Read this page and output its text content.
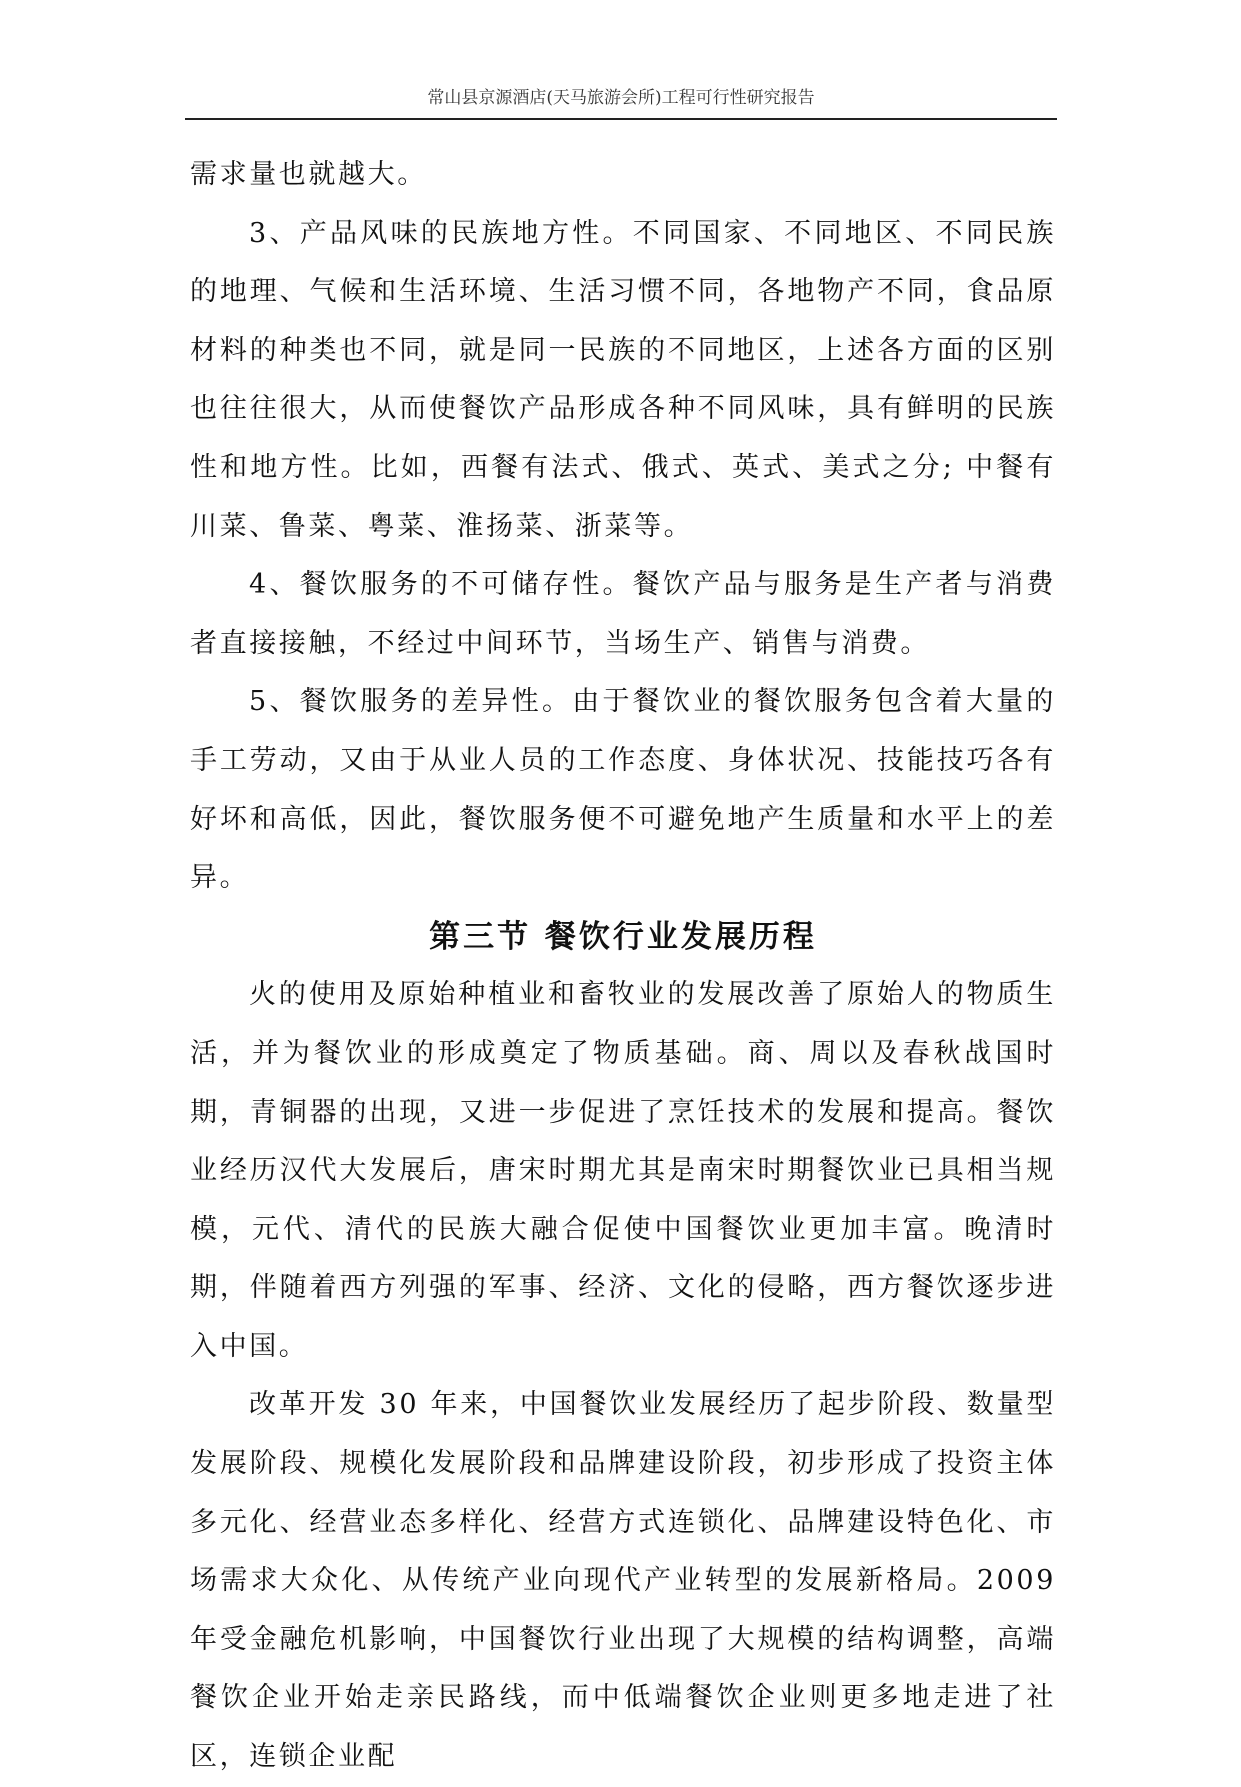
常山县京源酒店(天马旅游会所)工程可行性研究报告

需求量也就越大。

3、产品风味的民族地方性。不同国家、不同地区、不同民族的地理、气候和生活环境、生活习惯不同，各地物产不同，食品原材料的种类也不同，就是同一民族的不同地区，上述各方面的区别也往往很大，从而使餐饮产品形成各种不同风味，具有鲜明的民族性和地方性。比如，西餐有法式、俄式、英式、美式之分; 中餐有川菜、鲁菜、粤菜、淮扬菜、浙菜等。

4、餐饮服务的不可储存性。餐饮产品与服务是生产者与消费者直接接触，不经过中间环节，当场生产、销售与消费。

5、餐饮服务的差异性。由于餐饮业的餐饮服务包含着大量的手工劳动，又由于从业人员的工作态度、身体状况、技能技巧各有好坏和高低，因此，餐饮服务便不可避免地产生质量和水平上的差异。

第三节 餐饮行业发展历程

火的使用及原始种植业和畜牧业的发展改善了原始人的物质生活，并为餐饮业的形成奠定了物质基础。商、周以及春秋战国时期，青铜器的出现，又进一步促进了烹饪技术的发展和提高。餐饮业经历汉代大发展后，唐宋时期尤其是南宋时期餐饮业已具相当规模，元代、清代的民族大融合促使中国餐饮业更加丰富。晚清时期，伴随着西方列强的军事、经济、文化的侵略，西方餐饮逐步进入中国。

改革开发 30 年来，中国餐饮业发展经历了起步阶段、数量型发展阶段、规模化发展阶段和品牌建设阶段，初步形成了投资主体多元化、经营业态多样化、经营方式连锁化、品牌建设特色化、市场需求大众化、从传统产业向现代产业转型的发展新格局。2009 年受金融危机影响，中国餐饮行业出现了大规模的结构调整，高端餐饮企业开始走亲民路线，而中低端餐饮企业则更多地走进了社区，连锁企业配
